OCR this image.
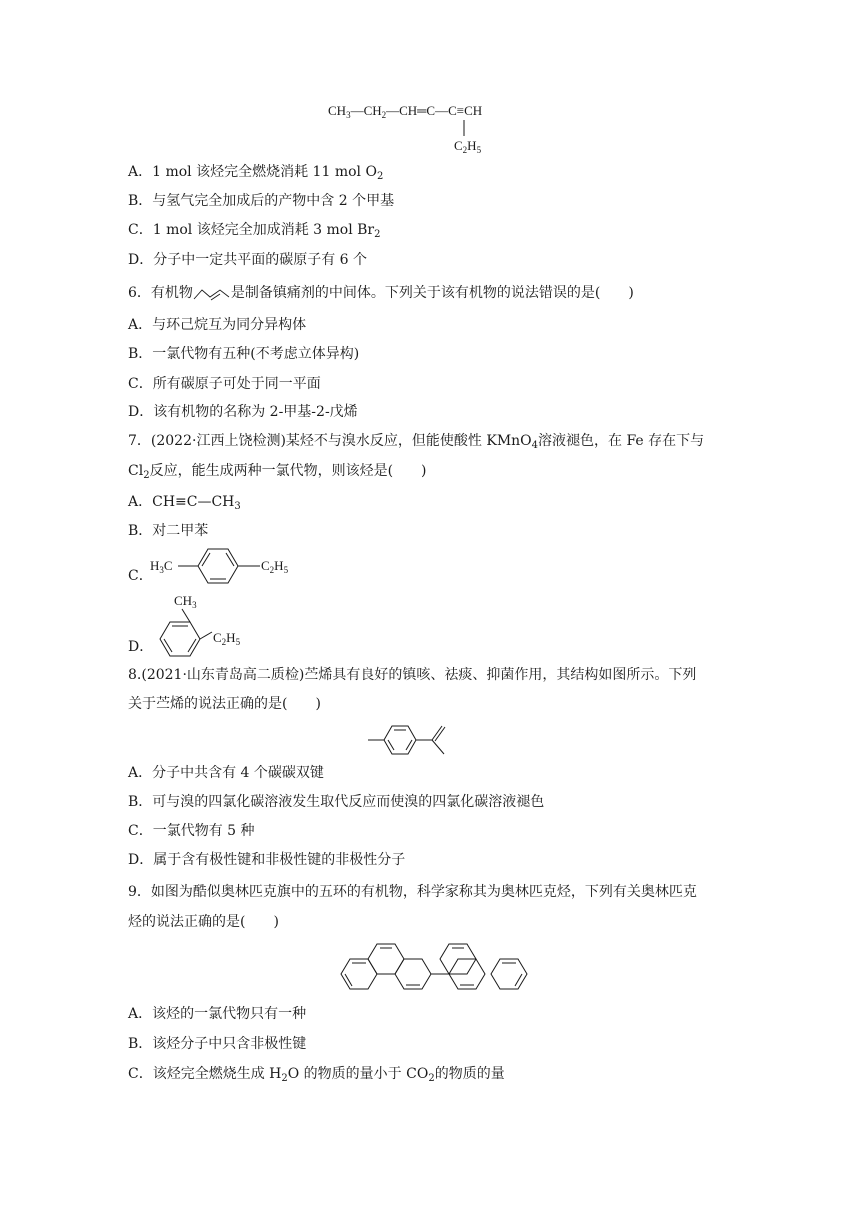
$CH_3—CH_2—CH═C—C\equiv CH$
$C_2H_5$
A．1 mol 该烃完全燃烧消耗 11 mol $O_2$
B．与氢气完全加成后的产物中含 2 个甲基
C．1 mol 该烃完全加成消耗 3 mol $Br_2$
D．分子中一定共平面的碳原子有 6 个
6．有机物	是制备镇痛剂的中间体。下列关于该有机物的说法错误的是(　　)
A．与环己烷互为同分异构体
B．一氯代物有五种(不考虑立体异构)
C．所有碳原子可处于同一平面
D．该有机物的名称为 2-甲基-2-戊烯
7．(2022·江西上饶检测)某烃不与溴水反应，但能使酸性 KMnO$_4$溶液褪色，在 Fe 存在下与
$Cl_2$反应，能生成两种一氯代物，则该烃是(　　)
A．$CH\equiv C—CH_3$
B．对二甲苯
C．
$H_3C$	$C_2H_5$
D．
$CH_3$
$C_2H_5$
8.(2021·山东青岛高二质检)苎烯具有良好的镇咳、祛痰、抑菌作用，其结构如图所示。下列
关于苎烯的说法正确的是(　　)
A．分子中共含有 4 个碳碳双键
B．可与溴的四氯化碳溶液发生取代反应而使溴的四氯化碳溶液褪色
C．一氯代物有 5 种
D．属于含有极性键和非极性键的非极性分子
9．如图为酷似奥林匹克旗中的五环的有机物，科学家称其为奥林匹克烃，下列有关奥林匹克
烃的说法正确的是(　　)
A．该烃的一氯代物只有一种
B．该烃分子中只含非极性键
C．该烃完全燃烧生成 $H_2O$ 的物质的量小于 $CO_2$的物质的量
